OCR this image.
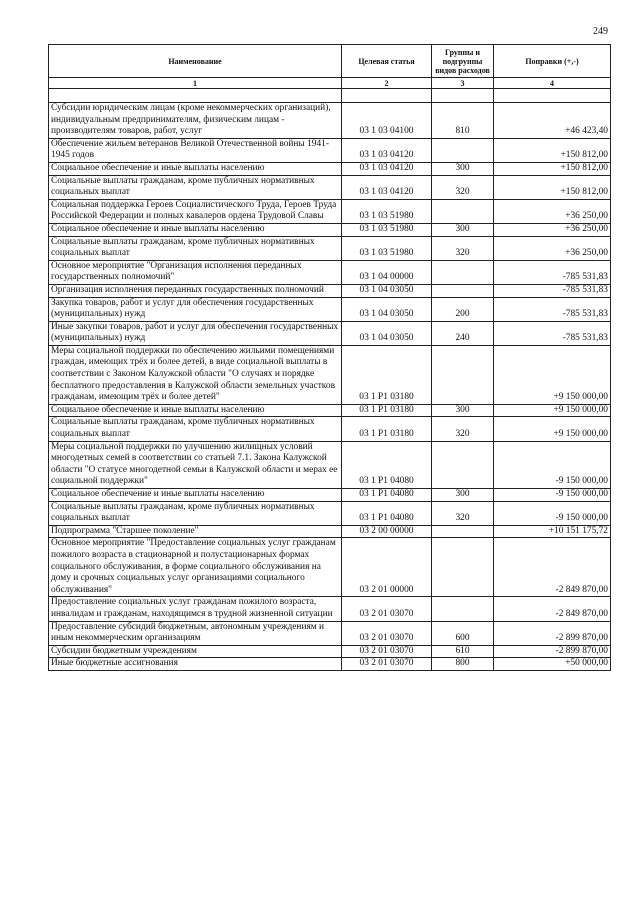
249
Наименование	Целевая статья	Группы и подгруппы видов расходов	Поправки (+,-)
1	2	3	4

Субсидии юридическим лицам (кроме некоммерческих организаций), индивидуальным предпринимателям, физическим лицам - производителям товаров, работ, услуг	03 1 03 04100	810	+46 423,40
Обеспечение жильем ветеранов Великой Отечественной войны 1941-1945 годов	03 1 03 04120		+150 812,00
Социальное обеспечение и иные выплаты населению	03 1 03 04120	300	+150 812,00
Социальные выплаты гражданам, кроме публичных нормативных социальных выплат	03 1 03 04120	320	+150 812,00
Социальная поддержка Героев Социалистического Труда, Героев Труда Российской Федерации и полных кавалеров ордена Трудовой Славы	03 1 03 51980		+36 250,00
Социальное обеспечение и иные выплаты населению	03 1 03 51980	300	+36 250,00
Социальные выплаты гражданам, кроме публичных нормативных социальных выплат	03 1 03 51980	320	+36 250,00
Основное мероприятие "Организация исполнения переданных государственных полномочий"	03 1 04 00000		-785 531,83
Организация исполнения переданных государственных полномочий	03 1 04 03050		-785 531,83
Закупка товаров, работ и услуг для обеспечения государственных (муниципальных) нужд	03 1 04 03050	200	-785 531,83
Иные закупки товаров, работ и услуг для обеспечения государственных (муниципальных) нужд	03 1 04 03050	240	-785 531,83
Меры социальной поддержки по обеспечению жильими помещениями граждан, имеющих трёх и более детей, в виде социальной выплаты в соответствии с Законом Калужской области "О случаях и порядке бесплатного предоставления в Калужской области земельных участков гражданам, имеющим трёх и более детей"	03 1 P1 03180		+9 150 000,00
Социальное обеспечение и иные выплаты населению	03 1 P1 03180	300	+9 150 000,00
Социальные выплаты гражданам, кроме публичных нормативных социальных выплат	03 1 P1 03180	320	+9 150 000,00
Меры социальной поддержки по улучшению жилищных условий многодетных семей в соответствии со статьей 7.1. Закона Калужской области "О статусе многодетной семьи в Калужской области и мерах ее социальной поддержки"	03 1 P1 04080		-9 150 000,00
Социальное обеспечение и иные выплаты населению	03 1 P1 04080	300	-9 150 000,00
Социальные выплаты гражданам, кроме публичных нормативных социальных выплат	03 1 P1 04080	320	-9 150 000,00
Подпрограмма "Старшее поколение"	03 2 00 00000		+10 151 175,72
Основное мероприятие "Предоставление социальных услуг гражданам пожилого возраста в стационарной и полустационарных формах социального обслуживания, в форме социального обслуживания на дому и срочных социальных услуг организациями социального обслуживания"	03 2 01 00000		-2 849 870,00
Предоставление социальных услуг гражданам пожилого возраста, инвалидам и гражданам, находящимся в трудной жизненной ситуации	03 2 01 03070		-2 849 870,00
Предоставление субсидий бюджетным, автономным учреждениям и иным некоммерческим организациям	03 2 01 03070	600	-2 899 870,00
Субсидии бюджетным учреждениям	03 2 01 03070	610	-2 899 870,00
Иные бюджетные ассигнования	03 2 01 03070	800	+50 000,00
